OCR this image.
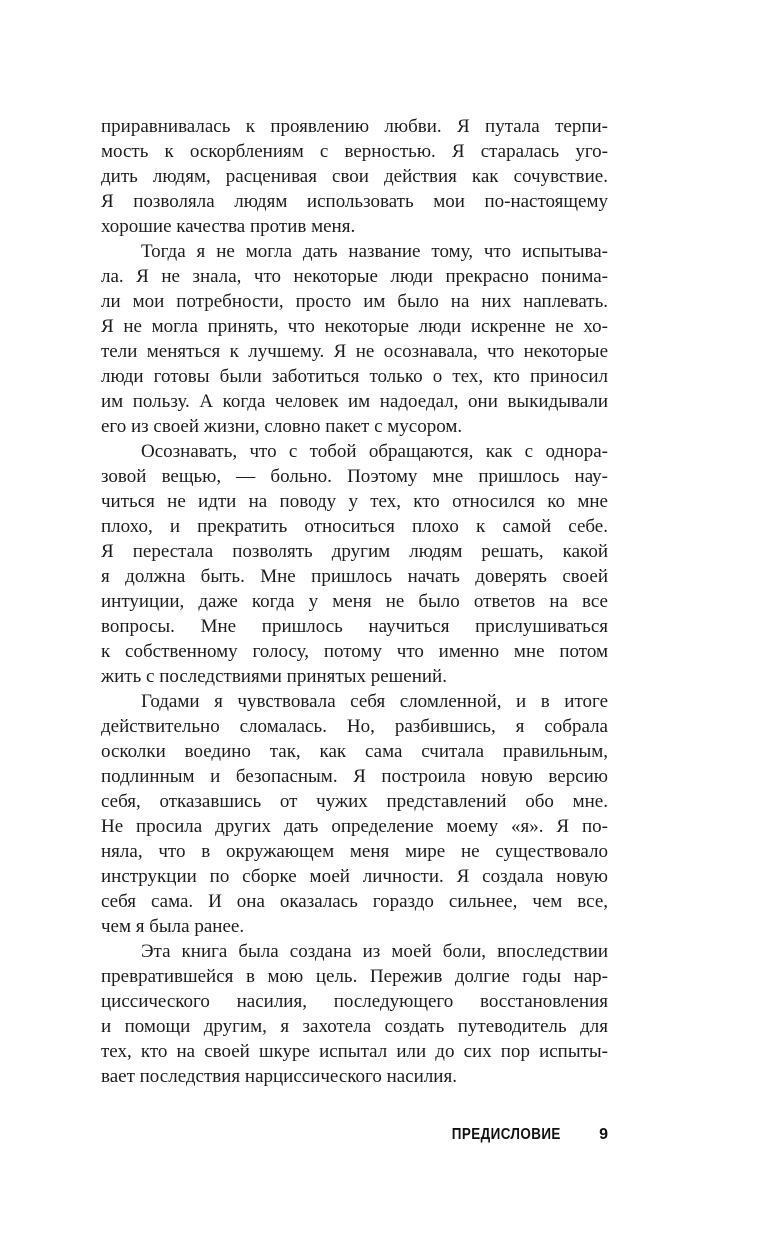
приравнивалась к проявлению любви. Я путала терпи-
мость к оскорблениям с верностью. Я старалась уго-
дить людям, расценивая свои действия как сочувствие.
Я позволяла людям использовать мои по-настоящему
хорошие качества против меня.
Тогда я не могла дать название тому, что испытыва-
ла. Я не знала, что некоторые люди прекрасно понима-
ли мои потребности, просто им было на них наплевать.
Я не могла принять, что некоторые люди искренне не хо-
тели меняться к лучшему. Я не осознавала, что некоторые
люди готовы были заботиться только о тех, кто приносил
им пользу. А когда человек им надоедал, они выкидывали
его из своей жизни, словно пакет с мусором.
Осознавать, что с тобой обращаются, как с однора-
зовой вещью, — больно. Поэтому мне пришлось нау-
читься не идти на поводу у тех, кто относился ко мне
плохо, и прекратить относиться плохо к самой себе.
Я перестала позволять другим людям решать, какой
я должна быть. Мне пришлось начать доверять своей
интуиции, даже когда у меня не было ответов на все
вопросы. Мне пришлось научиться прислушиваться
к собственному голосу, потому что именно мне потом
жить с последствиями принятых решений.
Годами я чувствовала себя сломленной, и в итоге
действительно сломалась. Но, разбившись, я собрала
осколки воедино так, как сама считала правильным,
подлинным и безопасным. Я построила новую версию
себя, отказавшись от чужих представлений обо мне.
Не просила других дать определение моему «я». Я по-
няла, что в окружающем меня мире не существовало
инструкции по сборке моей личности. Я создала новую
себя сама. И она оказалась гораздо сильнее, чем все,
чем я была ранее.
Эта книга была создана из моей боли, впоследствии
превратившейся в мою цель. Пережив долгие годы нар-
циссического насилия, последующего восстановления
и помощи другим, я захотела создать путеводитель для
тех, кто на своей шкуре испытал или до сих пор испыты-
вает последствия нарциссического насилия.
ПРЕДИСЛОВИЕ 9
